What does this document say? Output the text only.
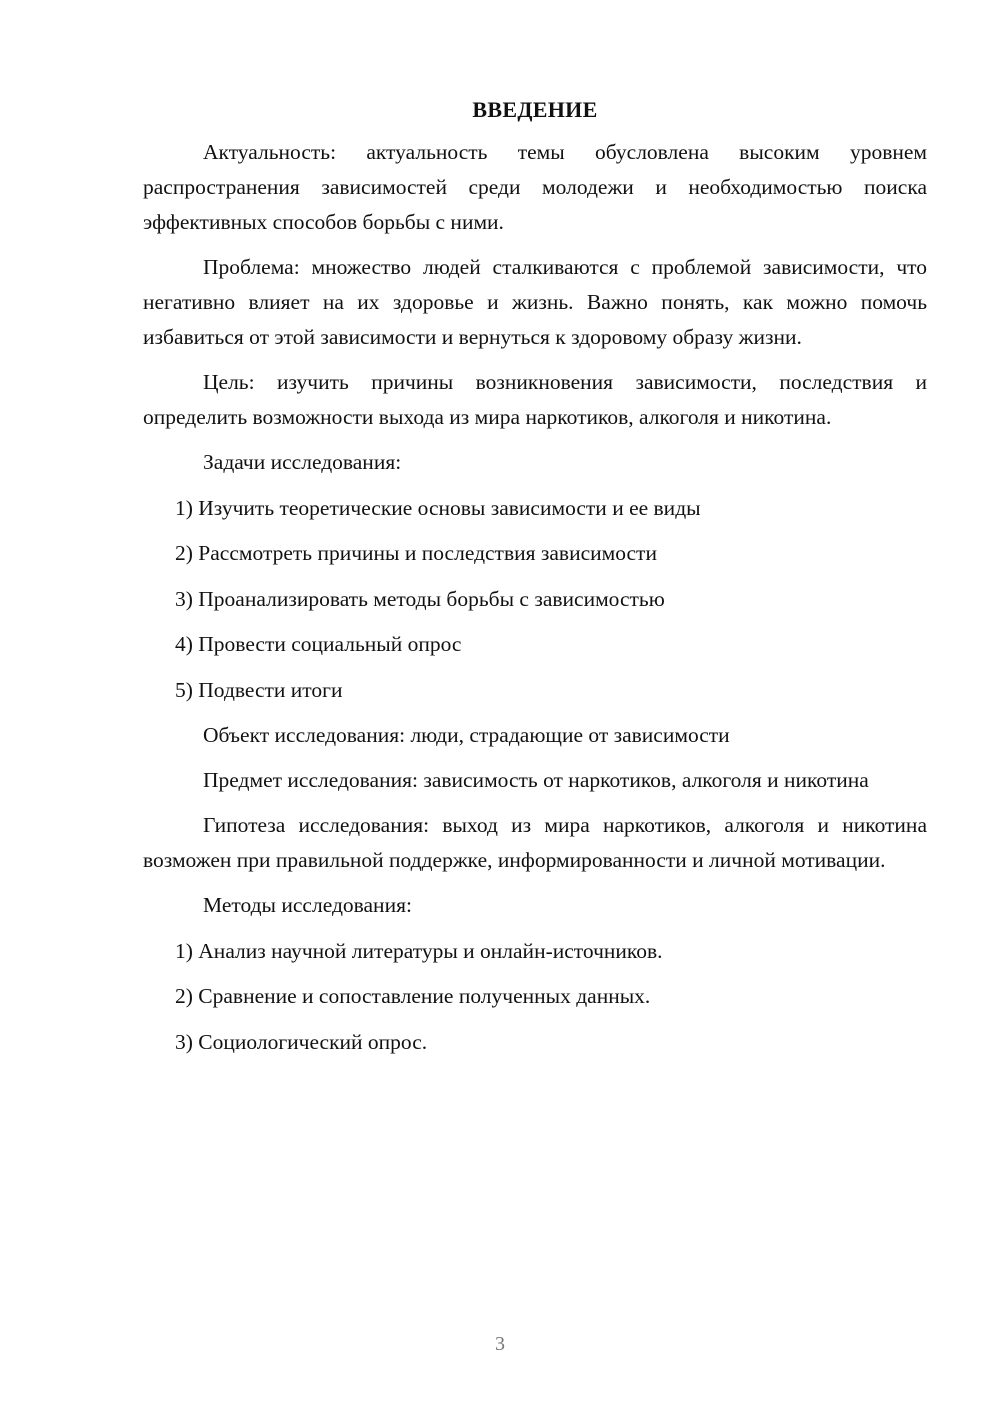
ВВЕДЕНИЕ

Актуальность: актуальность темы обусловлена высоким уровнем распространения зависимостей среди молодежи и необходимостью поиска эффективных способов борьбы с ними.

Проблема: множество людей сталкиваются с проблемой зависимости, что негативно влияет на их здоровье и жизнь. Важно понять, как можно помочь избавиться от этой зависимости и вернуться к здоровому образу жизни.

Цель: изучить причины возникновения зависимости, последствия и определить возможности выхода из мира наркотиков, алкоголя и никотина.

Задачи исследования:
1) Изучить теоретические основы зависимости и ее виды
2) Рассмотреть причины и последствия зависимости
3) Проанализировать методы борьбы с зависимостью
4) Провести социальный опрос
5) Подвести итоги

Объект исследования: люди, страдающие от зависимости

Предмет исследования: зависимость от наркотиков, алкоголя и никотина

Гипотеза исследования: выход из мира наркотиков, алкоголя и никотина возможен при правильной поддержке, информированности и личной мотивации.

Методы исследования:
1) Анализ научной литературы и онлайн-источников.
2) Сравнение и сопоставление полученных данных.
3) Социологический опрос.
3
